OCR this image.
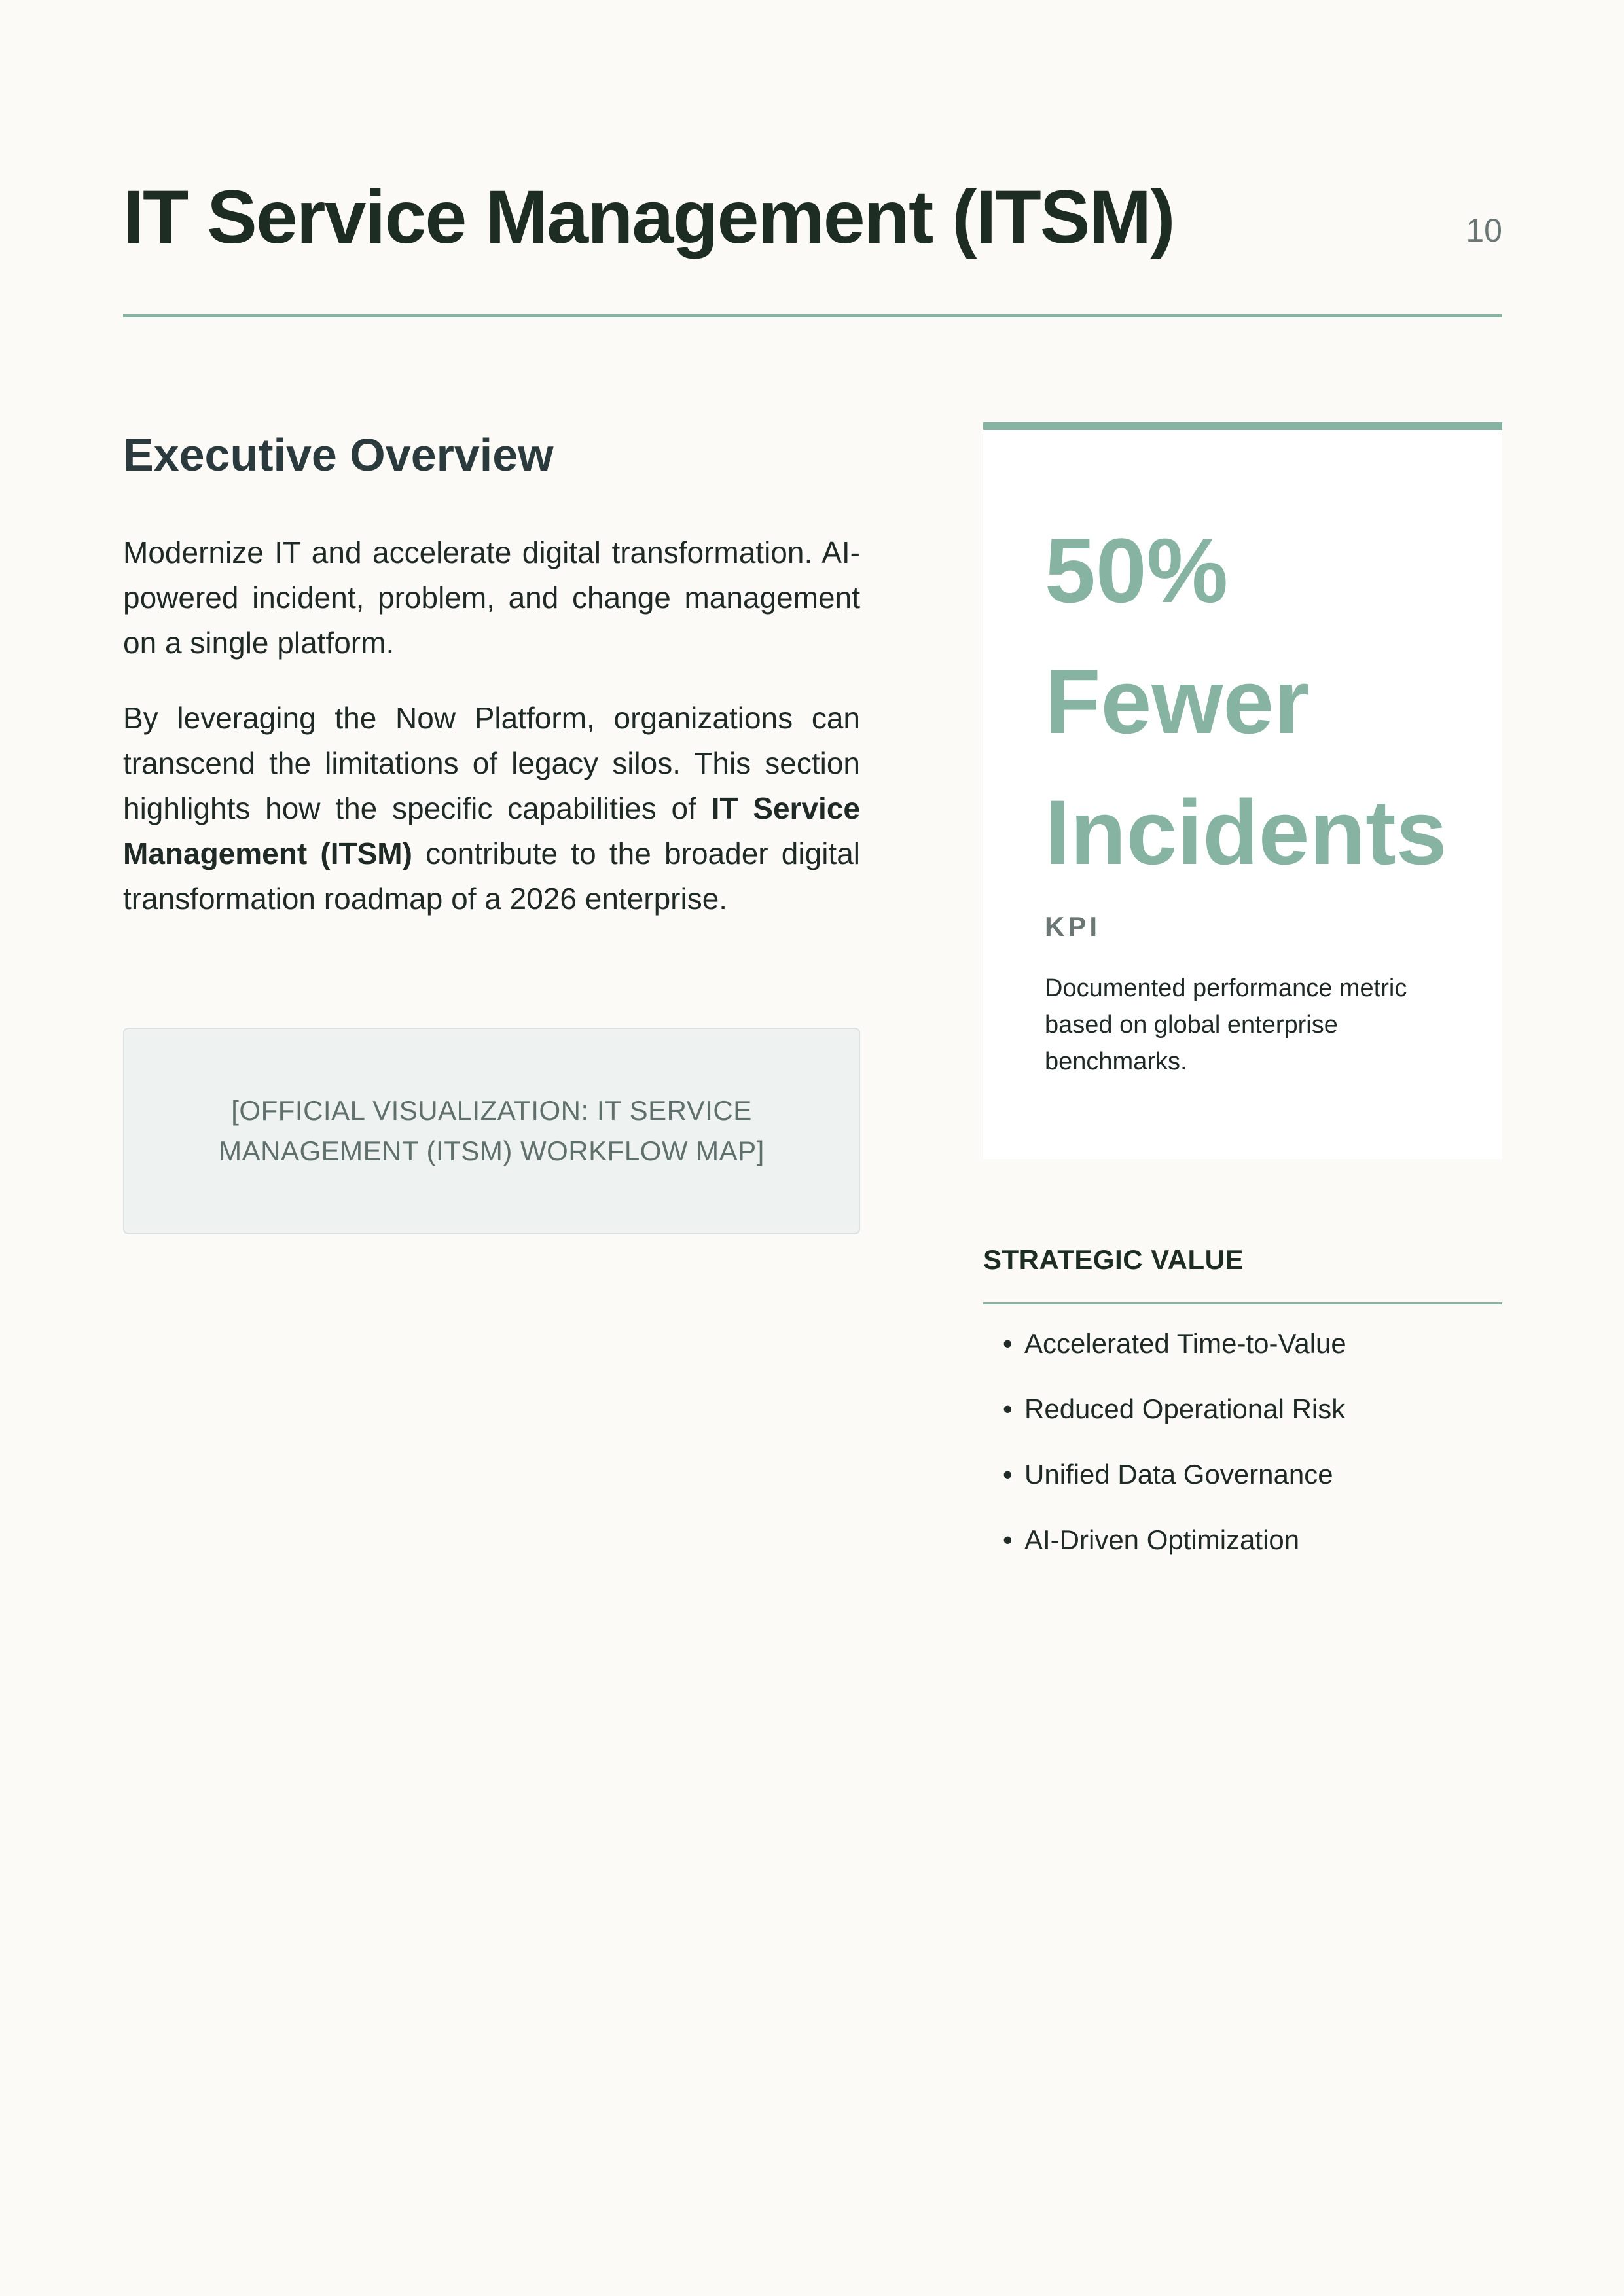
IT Service Management (ITSM)	10
Executive Overview

Modernize IT and accelerate digital transformation. AI-powered incident, problem, and change management on a single platform.

By leveraging the Now Platform, organizations can transcend the limitations of legacy silos. This section highlights how the specific capabilities of IT Service Management (ITSM) contribute to the broader digital transformation roadmap of a 2026 enterprise.

[OFFICIAL VISUALIZATION: IT SERVICE MANAGEMENT (ITSM) WORKFLOW MAP]

50% Fewer Incidents

KPI

Documented performance metric based on global enterprise benchmarks.

STRATEGIC VALUE
• Accelerated Time-to-Value
• Reduced Operational Risk
• Unified Data Governance
• AI-Driven Optimization
